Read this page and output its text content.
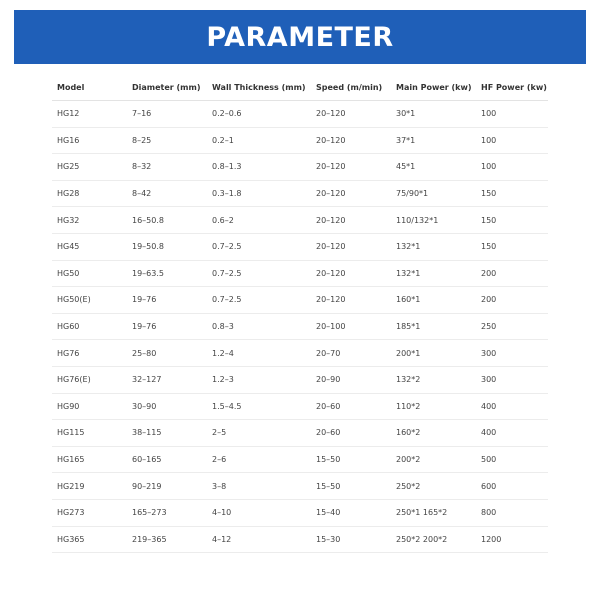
PARAMETER
Model	Diameter (mm)	Wall Thickness (mm)	Speed (m/min)	Main Power (kw)	HF Power (kw)
HG12	7–16	0.2–0.6	20–120	30*1	100
HG16	8–25	0.2–1	20–120	37*1	100
HG25	8–32	0.8–1.3	20–120	45*1	100
HG28	8–42	0.3–1.8	20–120	75/90*1	150
HG32	16–50.8	0.6–2	20–120	110/132*1	150
HG45	19–50.8	0.7–2.5	20–120	132*1	150
HG50	19–63.5	0.7–2.5	20–120	132*1	200
HG50(E)	19–76	0.7–2.5	20–120	160*1	200
HG60	19–76	0.8–3	20–100	185*1	250
HG76	25–80	1.2–4	20–70	200*1	300
HG76(E)	32–127	1.2–3	20–90	132*2	300
HG90	30–90	1.5–4.5	20–60	110*2	400
HG115	38–115	2–5	20–60	160*2	400
HG165	60–165	2–6	15–50	200*2	500
HG219	90–219	3–8	15–50	250*2	600
HG273	165–273	4–10	15–40	250*1 165*2	800
HG365	219–365	4–12	15–30	250*2 200*2	1200
